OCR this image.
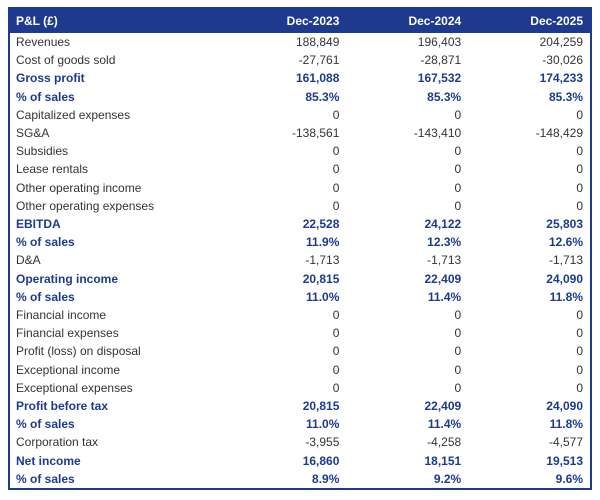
P&L (£)	Dec-2023	Dec-2024	Dec-2025
Revenues	188,849	196,403	204,259
Cost of goods sold	-27,761	-28,871	-30,026
Gross profit	161,088	167,532	174,233
% of sales	85.3%	85.3%	85.3%
Capitalized expenses	0	0	0
SG&A	-138,561	-143,410	-148,429
Subsidies	0	0	0
Lease rentals	0	0	0
Other operating income	0	0	0
Other operating expenses	0	0	0
EBITDA	22,528	24,122	25,803
% of sales	11.9%	12.3%	12.6%
D&A	-1,713	-1,713	-1,713
Operating income	20,815	22,409	24,090
% of sales	11.0%	11.4%	11.8%
Financial income	0	0	0
Financial expenses	0	0	0
Profit (loss) on disposal	0	0	0
Exceptional income	0	0	0
Exceptional expenses	0	0	0
Profit before tax	20,815	22,409	24,090
% of sales	11.0%	11.4%	11.8%
Corporation tax	-3,955	-4,258	-4,577
Net income	16,860	18,151	19,513
% of sales	8.9%	9.2%	9.6%
